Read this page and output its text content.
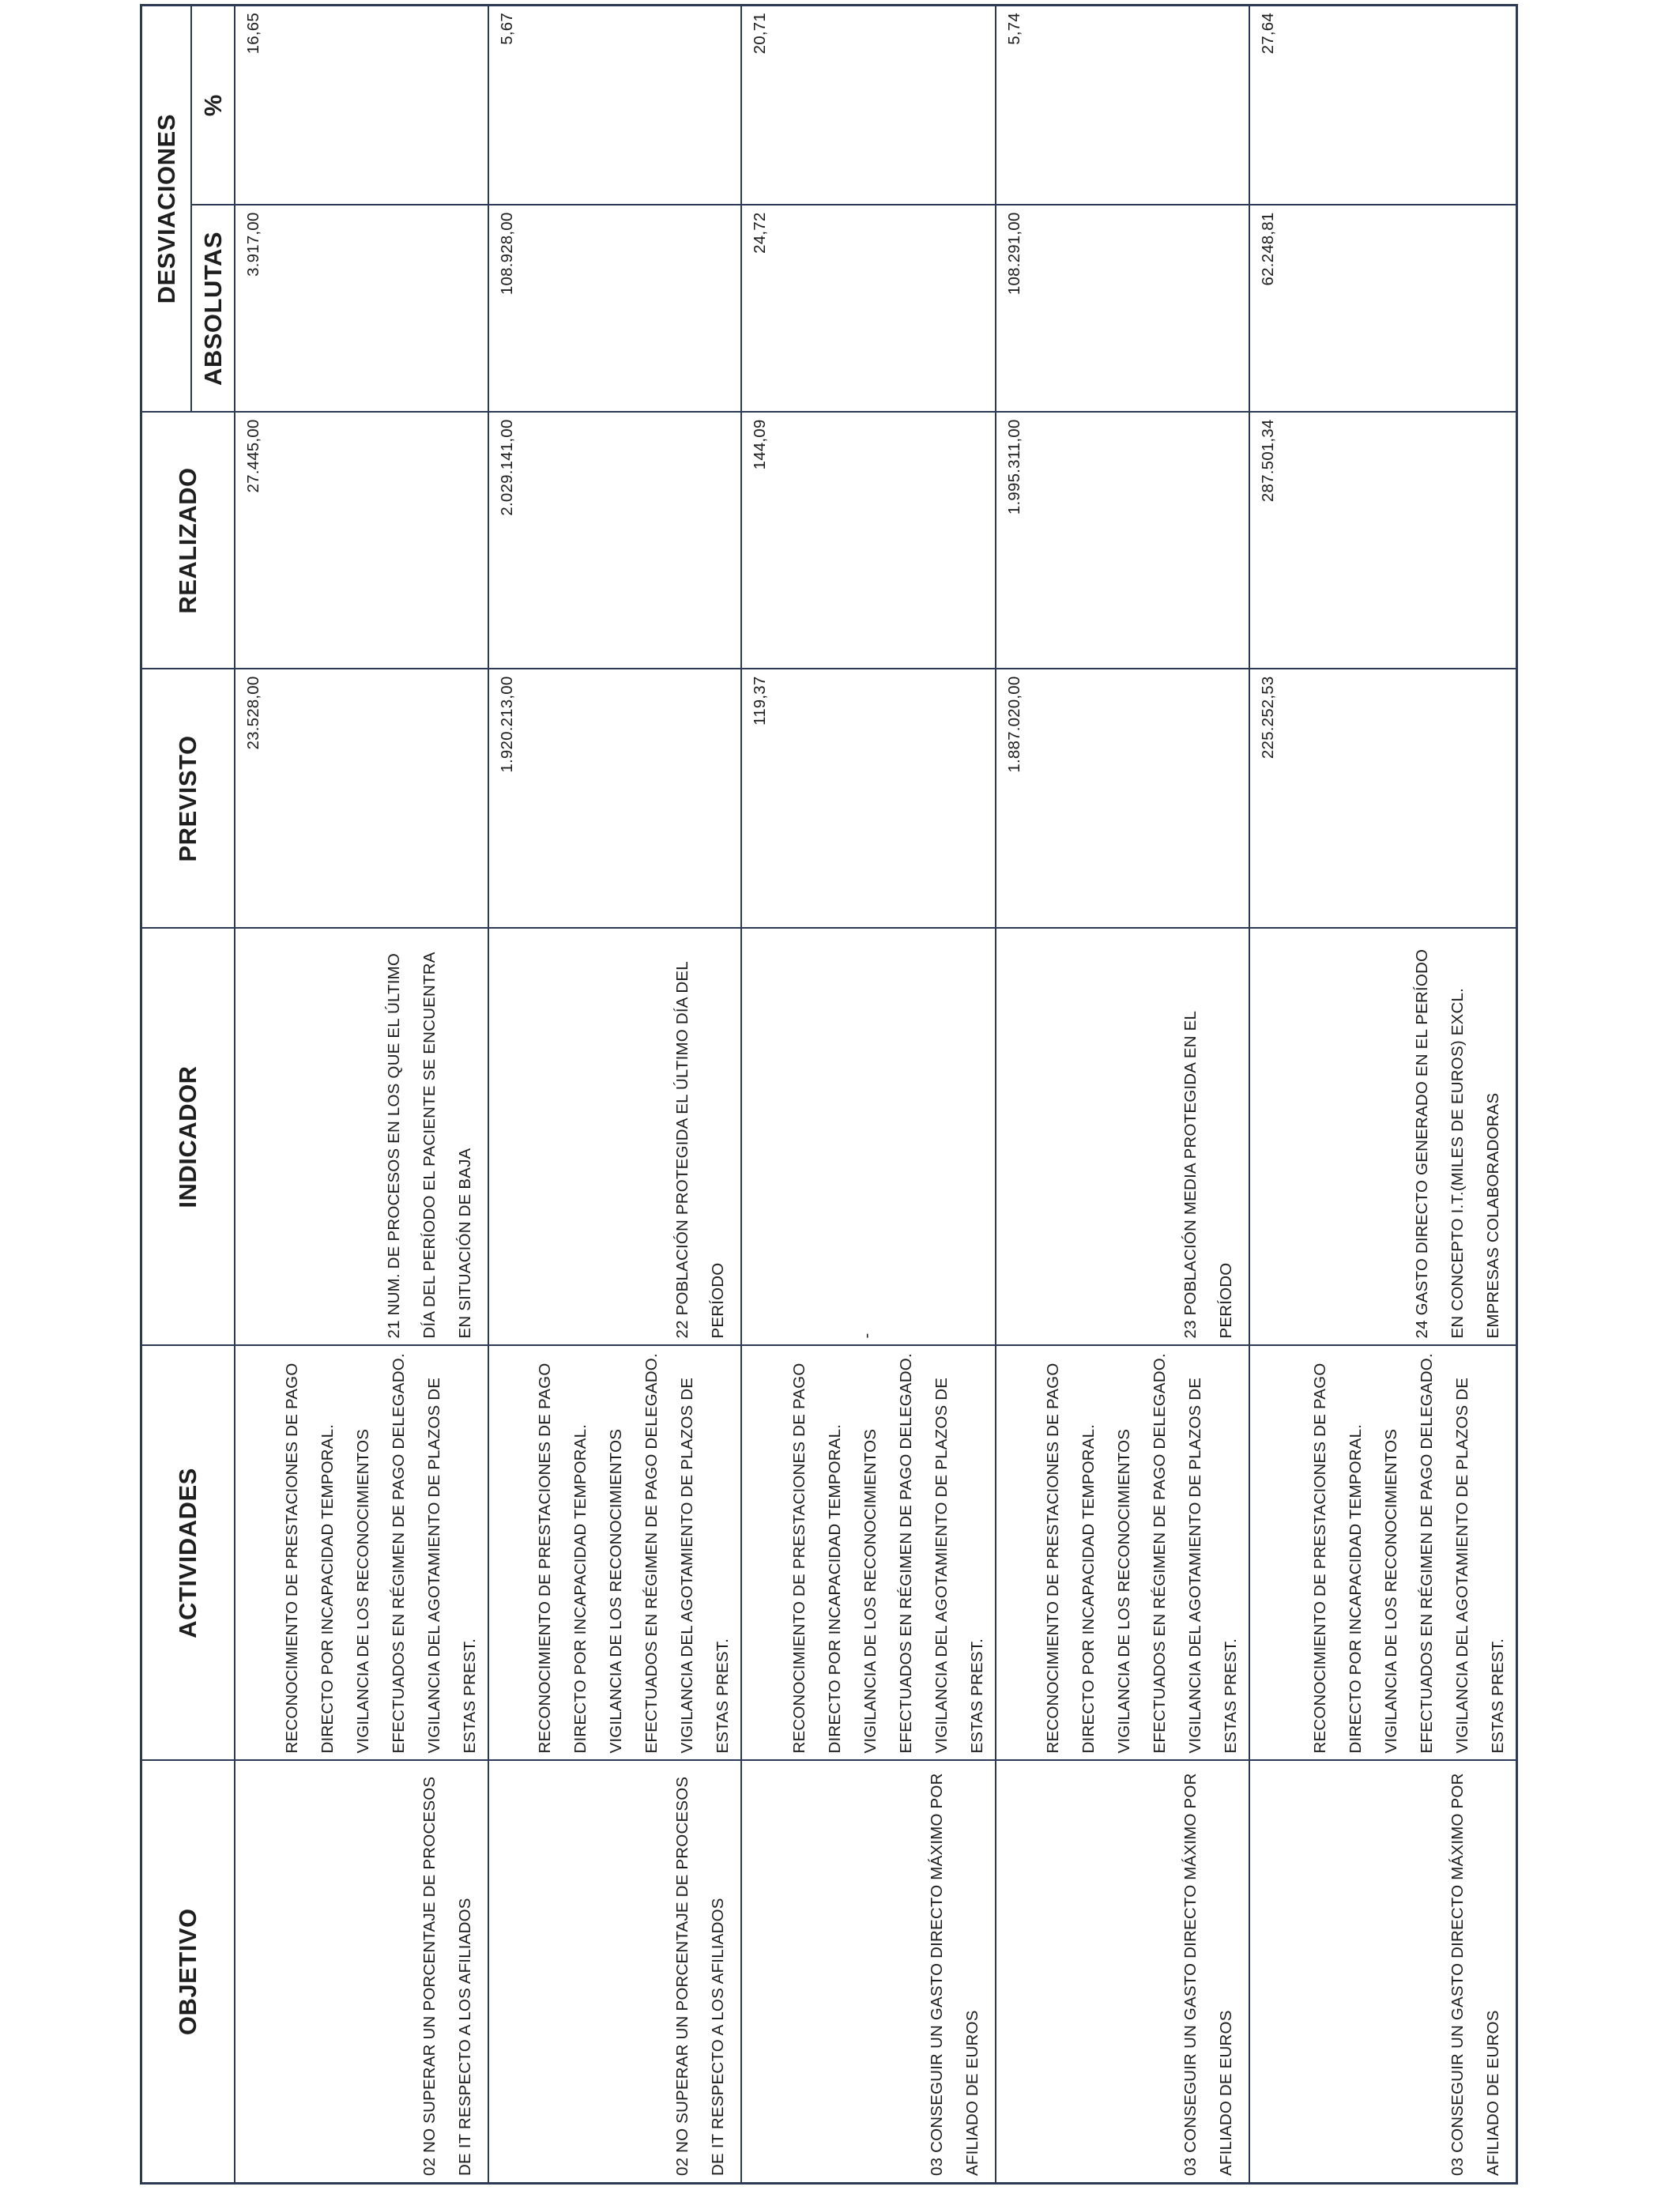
OBJETIVO	ACTIVIDADES	INDICADOR	PREVISTO	REALIZADO	DESVIACIONES	
					ABSOLUTAS	%

02 NO SUPERAR UN PORCENTAJE DE PROCESOS DE IT RESPECTO A LOS AFILIADOS	RECONOCIMIENTO DE PRESTACIONES DE PAGO DIRECTO POR INCAPACIDAD TEMPORAL. VIGILANCIA DE LOS RECONOCIMIENTOS EFECTUADOS EN RÉGIMEN DE PAGO DELEGADO. VIGILANCIA DEL AGOTAMIENTO DE PLAZOS DE ESTAS PREST.	21 NUM. DE PROCESOS EN LOS QUE EL ÚLTIMO DÍA DEL PERÍODO EL PACIENTE SE ENCUENTRA EN SITUACIÓN DE BAJA	23.528,00	27.445,00	3.917,00	16,65

02 NO SUPERAR UN PORCENTAJE DE PROCESOS DE IT RESPECTO A LOS AFILIADOS	RECONOCIMIENTO DE PRESTACIONES DE PAGO DIRECTO POR INCAPACIDAD TEMPORAL. VIGILANCIA DE LOS RECONOCIMIENTOS EFECTUADOS EN RÉGIMEN DE PAGO DELEGADO. VIGILANCIA DEL AGOTAMIENTO DE PLAZOS DE ESTAS PREST.	22 POBLACIÓN PROTEGIDA EL ÚLTIMO DÍA DEL PERÍODO	1.920.213,00	2.029.141,00	108.928,00	5,67

03 CONSEGUIR UN GASTO DIRECTO MÁXIMO POR AFILIADO DE EUROS	RECONOCIMIENTO DE PRESTACIONES DE PAGO DIRECTO POR INCAPACIDAD TEMPORAL. VIGILANCIA DE LOS RECONOCIMIENTOS EFECTUADOS EN RÉGIMEN DE PAGO DELEGADO. VIGILANCIA DEL AGOTAMIENTO DE PLAZOS DE ESTAS PREST.	-	119,37	144,09	24,72	20,71

03 CONSEGUIR UN GASTO DIRECTO MÁXIMO POR AFILIADO DE EUROS	RECONOCIMIENTO DE PRESTACIONES DE PAGO DIRECTO POR INCAPACIDAD TEMPORAL. VIGILANCIA DE LOS RECONOCIMIENTOS EFECTUADOS EN RÉGIMEN DE PAGO DELEGADO. VIGILANCIA DEL AGOTAMIENTO DE PLAZOS DE ESTAS PREST.	23 POBLACIÓN MEDIA PROTEGIDA EN EL PERÍODO	1.887.020,00	1.995.311,00	108.291,00	5,74

03 CONSEGUIR UN GASTO DIRECTO MÁXIMO POR AFILIADO DE EUROS	RECONOCIMIENTO DE PRESTACIONES DE PAGO DIRECTO POR INCAPACIDAD TEMPORAL. VIGILANCIA DE LOS RECONOCIMIENTOS EFECTUADOS EN RÉGIMEN DE PAGO DELEGADO. VIGILANCIA DEL AGOTAMIENTO DE PLAZOS DE ESTAS PREST.	24 GASTO DIRECTO GENERADO EN EL PERÍODO EN CONCEPTO I.T.(MILES DE EUROS) EXCL. EMPRESAS COLABORADORAS	225.252,53	287.501,34	62.248,81	27,64
